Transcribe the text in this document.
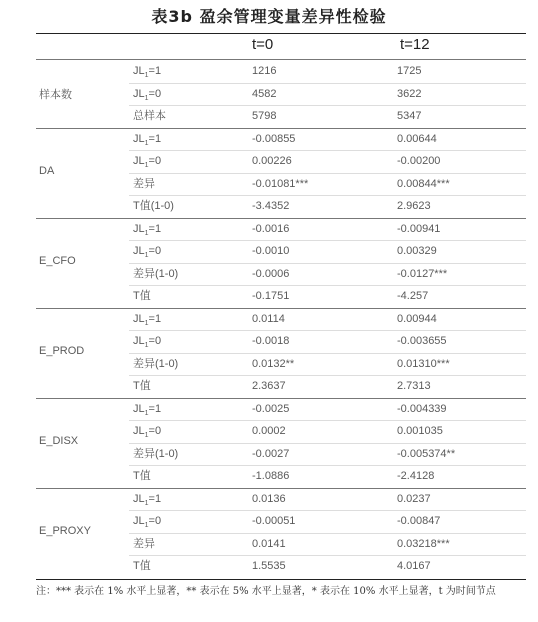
表3b 盈余管理变量差异性检验
t=0	t=12
$JL_1=1$	1216	1725
$JL_1=0$	4582	3622
总样本	5798	5347
样本数
$JL_1=1$	-0.00855	0.00644
$JL_1=0$	0.00226	-0.00200
差异	-0.01081***	0.00844***
T值(1-0)	-3.4352	2.9623
DA
$JL_1=1$	-0.0016	-0.00941
$JL_1=0$	-0.0010	0.00329
差异(1-0)	-0.0006	-0.0127***
T值	-0.1751	-4.257
E_CFO
$JL_1=1$	0.0114	0.00944
$JL_1=0$	-0.0018	-0.003655
差异(1-0)	0.0132**	0.01310***
T值	2.3637	2.7313
E_PROD
$JL_1=1$	-0.0025	-0.004339
$JL_1=0$	0.0002	0.001035
差异(1-0)	-0.0027	-0.005374**
T值	-1.0886	-2.4128
E_DISX
$JL_1=1$	0.0136	0.0237
$JL_1=0$	-0.00051	-0.00847
差异	0.0141	0.03218***
T值	1.5535	4.0167
E_PROXY
注：*** 表示在 1% 水平上显著，** 表示在 5% 水平上显著，* 表示在 10% 水平上显著，t 为时间节点
